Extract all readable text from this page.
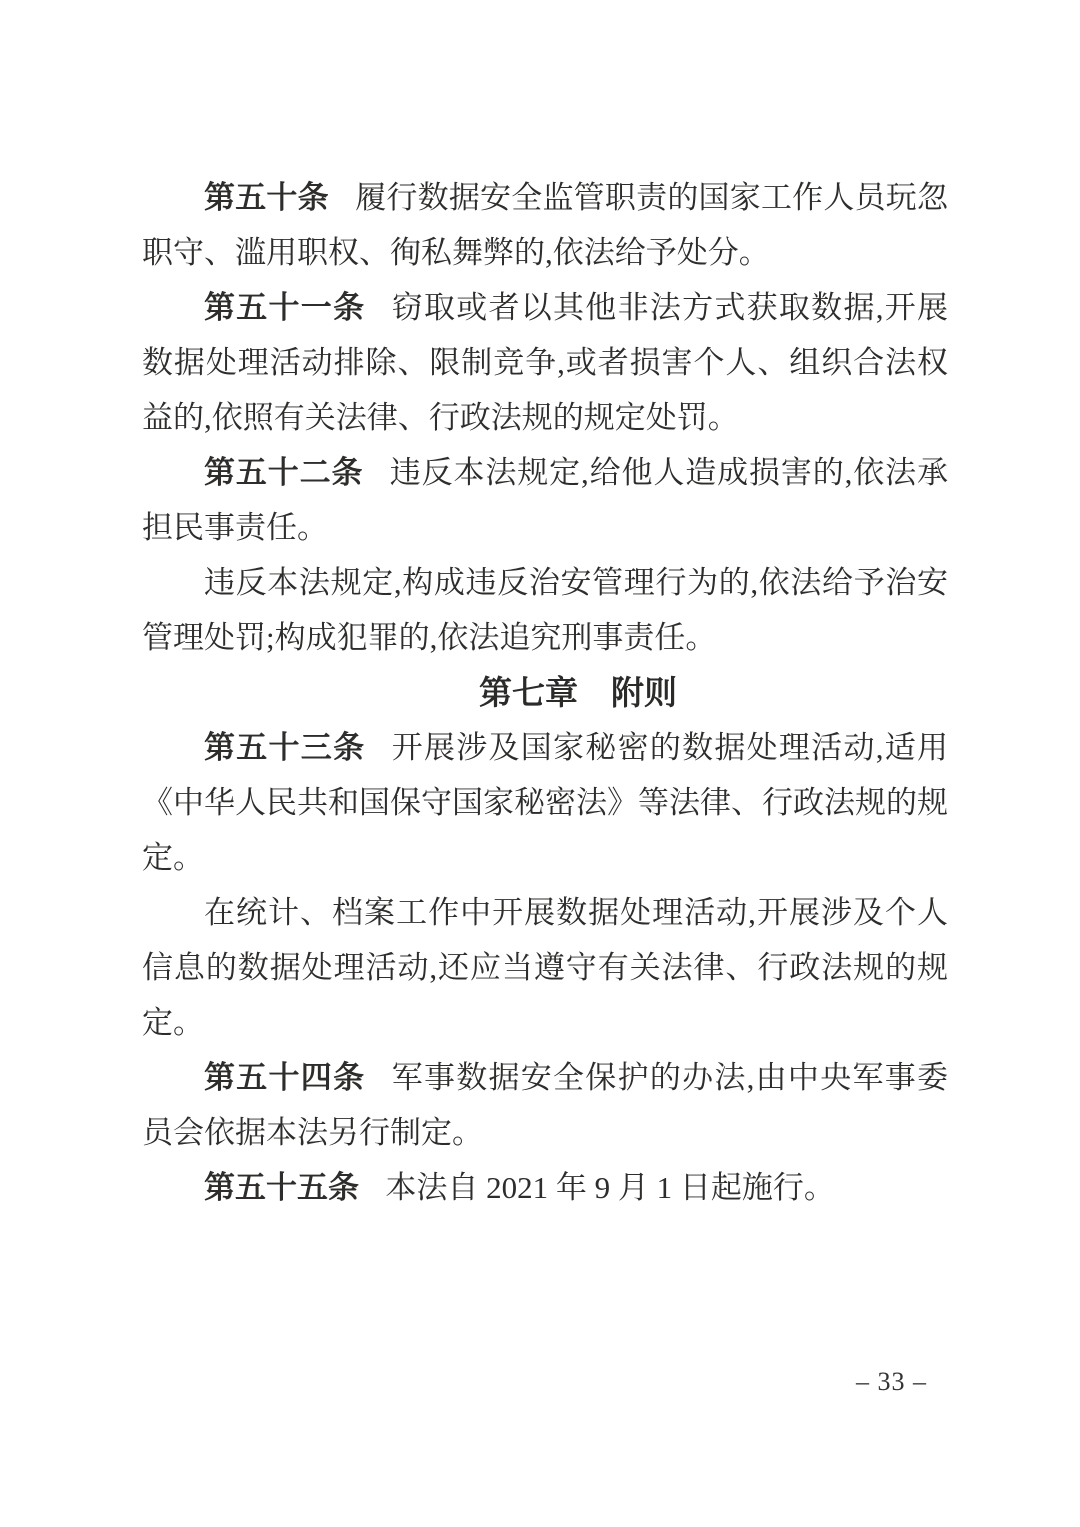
第五十条 履行数据安全监管职责的国家工作人员玩忽职守、滥用职权、徇私舞弊的,依法给予处分。

第五十一条 窃取或者以其他非法方式获取数据,开展数据处理活动排除、限制竞争,或者损害个人、组织合法权益的,依照有关法律、行政法规的规定处罚。

第五十二条 违反本法规定,给他人造成损害的,依法承担民事责任。

违反本法规定,构成违反治安管理行为的,依法给予治安管理处罚;构成犯罪的,依法追究刑事责任。

第七章　附则

第五十三条 开展涉及国家秘密的数据处理活动,适用《中华人民共和国保守国家秘密法》等法律、行政法规的规定。

在统计、档案工作中开展数据处理活动,开展涉及个人信息的数据处理活动,还应当遵守有关法律、行政法规的规定。

第五十四条 军事数据安全保护的办法,由中央军事委员会依据本法另行制定。

第五十五条 本法自 2021 年 9 月 1 日起施行。

– 33 –
